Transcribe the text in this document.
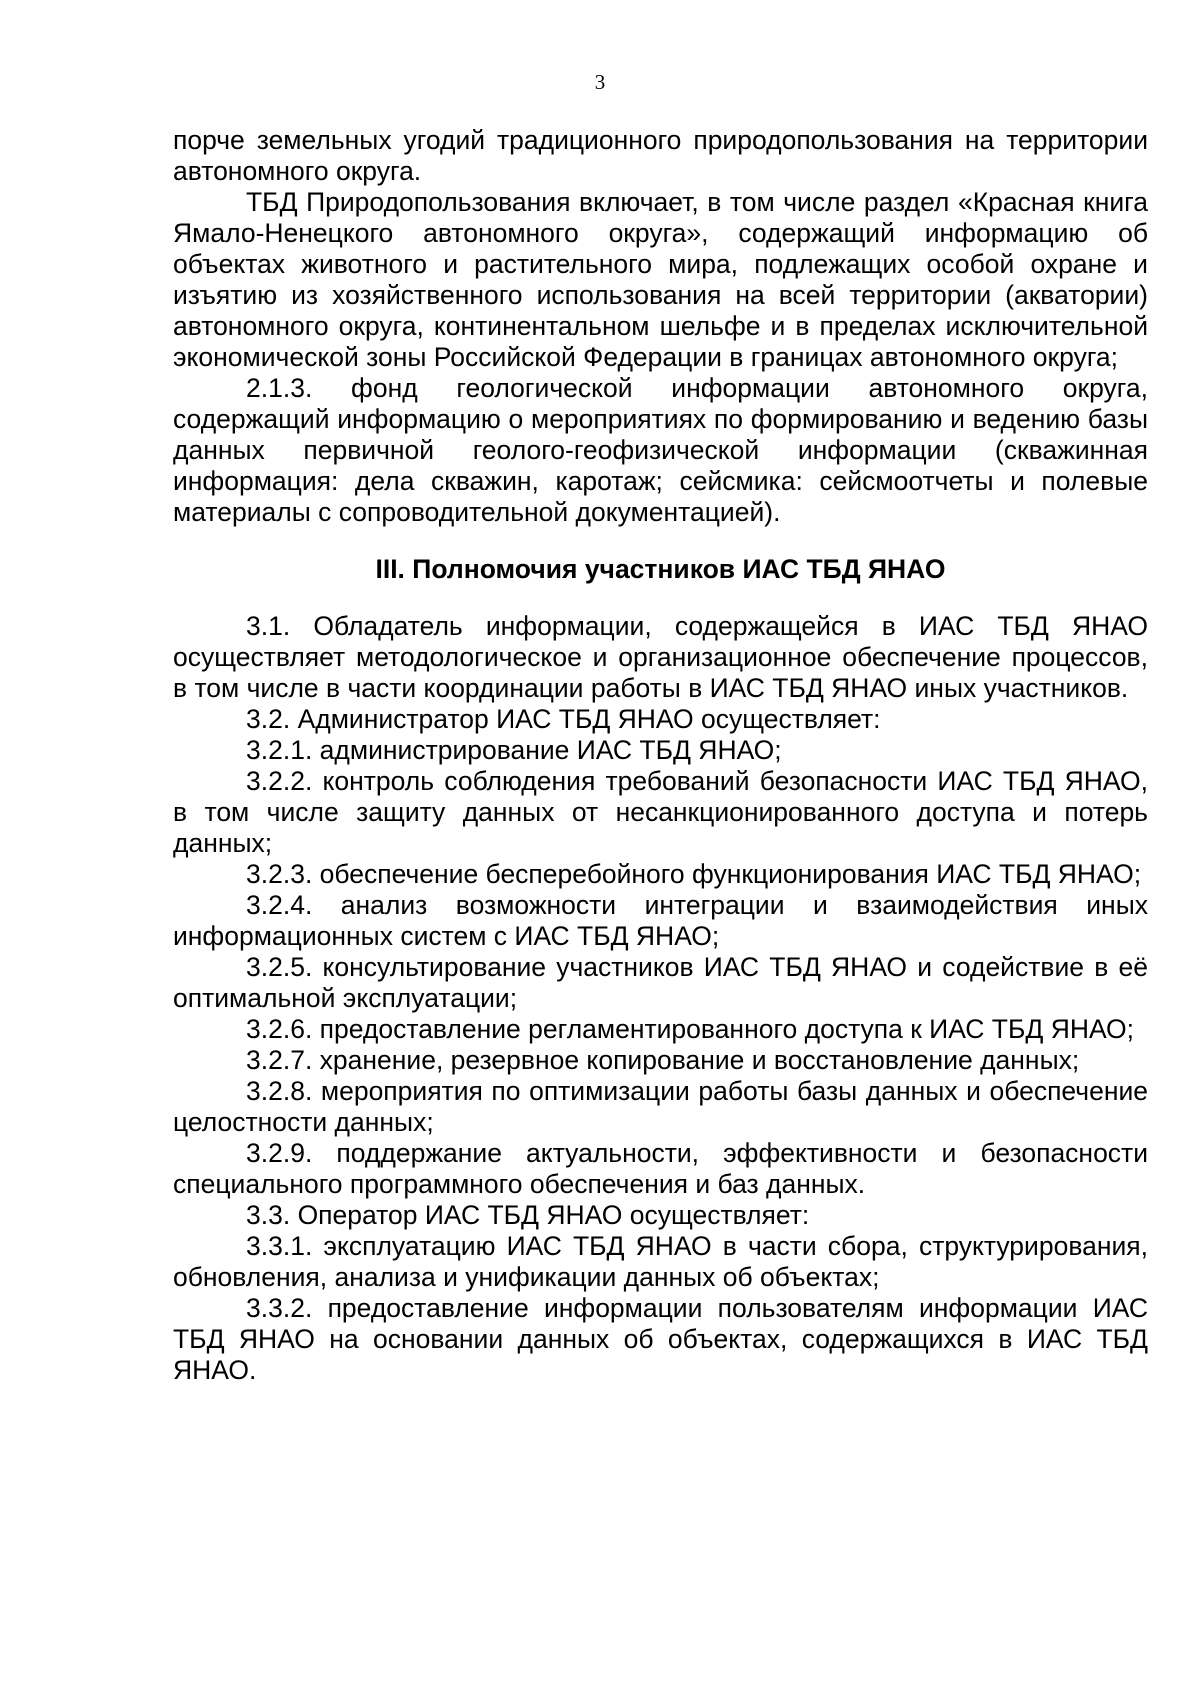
3

порче земельных угодий традиционного природопользования на территории автономного округа.

ТБД Природопользования включает, в том числе раздел «Красная книга Ямало-Ненецкого автономного округа», содержащий информацию об объектах животного и растительного мира, подлежащих особой охране и изъятию из хозяйственного использования на всей территории (акватории) автономного округа, континентальном шельфе и в пределах исключительной экономической зоны Российской Федерации в границах автономного округа;

2.1.3. фонд геологической информации автономного округа, содержащий информацию о мероприятиях по формированию и ведению базы данных первичной геолого-геофизической информации (скважинная информация: дела скважин, каротаж; сейсмика: сейсмоотчеты и полевые материалы с сопроводительной документацией).

III. Полномочия участников ИАС ТБД ЯНАО

3.1. Обладатель информации, содержащейся в ИАС ТБД ЯНАО осуществляет методологическое и организационное обеспечение процессов, в том числе в части координации работы в ИАС ТБД ЯНАО иных участников.

3.2. Администратор ИАС ТБД ЯНАО осуществляет:

3.2.1. администрирование ИАС ТБД ЯНАО;

3.2.2. контроль соблюдения требований безопасности ИАС ТБД ЯНАО, в том числе защиту данных от несанкционированного доступа и потерь данных;

3.2.3. обеспечение бесперебойного функционирования ИАС ТБД ЯНАО;

3.2.4. анализ возможности интеграции и взаимодействия иных информационных систем с ИАС ТБД ЯНАО;

3.2.5. консультирование участников ИАС ТБД ЯНАО и содействие в её оптимальной эксплуатации;

3.2.6. предоставление регламентированного доступа к ИАС ТБД ЯНАО;

3.2.7. хранение, резервное копирование и восстановление данных;

3.2.8. мероприятия по оптимизации работы базы данных и обеспечение целостности данных;

3.2.9. поддержание актуальности, эффективности и безопасности специального программного обеспечения и баз данных.

3.3. Оператор ИАС ТБД ЯНАО осуществляет:

3.3.1. эксплуатацию ИАС ТБД ЯНАО в части сбора, структурирования, обновления, анализа и унификации данных об объектах;

3.3.2. предоставление информации пользователям информации ИАС ТБД ЯНАО на основании данных об объектах, содержащихся в ИАС ТБД ЯНАО.
